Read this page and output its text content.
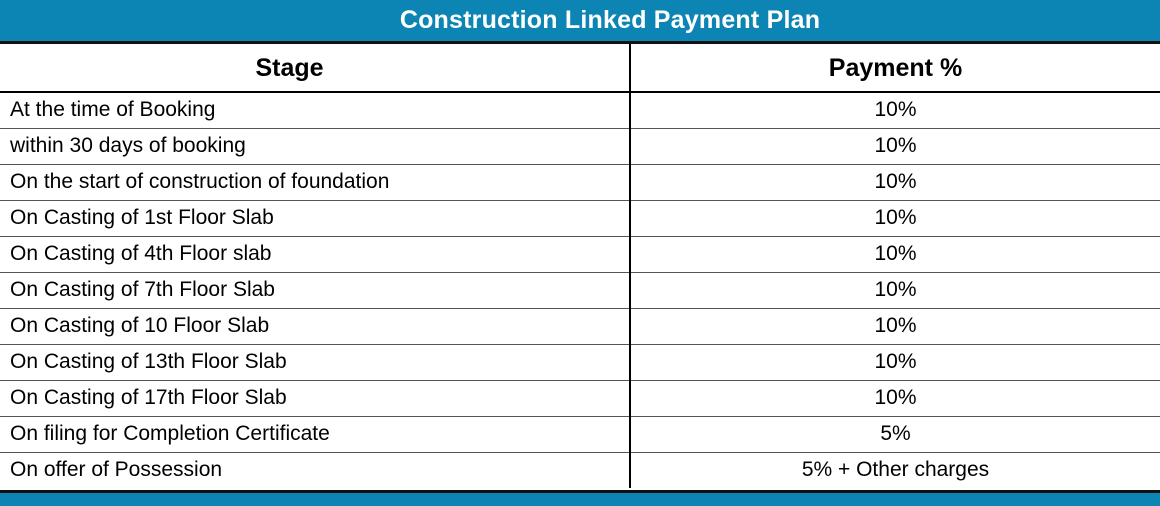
Construction Linked Payment Plan
Stage	Payment %
At the time of Booking	10%
within 30 days of booking	10%
On the start of construction of foundation	10%
On Casting of 1st Floor Slab	10%
On Casting of 4th Floor slab	10%
On Casting of 7th Floor Slab	10%
On Casting of 10 Floor Slab	10%
On Casting of 13th Floor Slab	10%
On Casting of 17th Floor Slab	10%
On filing for Completion Certificate	5%
On offer of Possession	5% + Other charges
